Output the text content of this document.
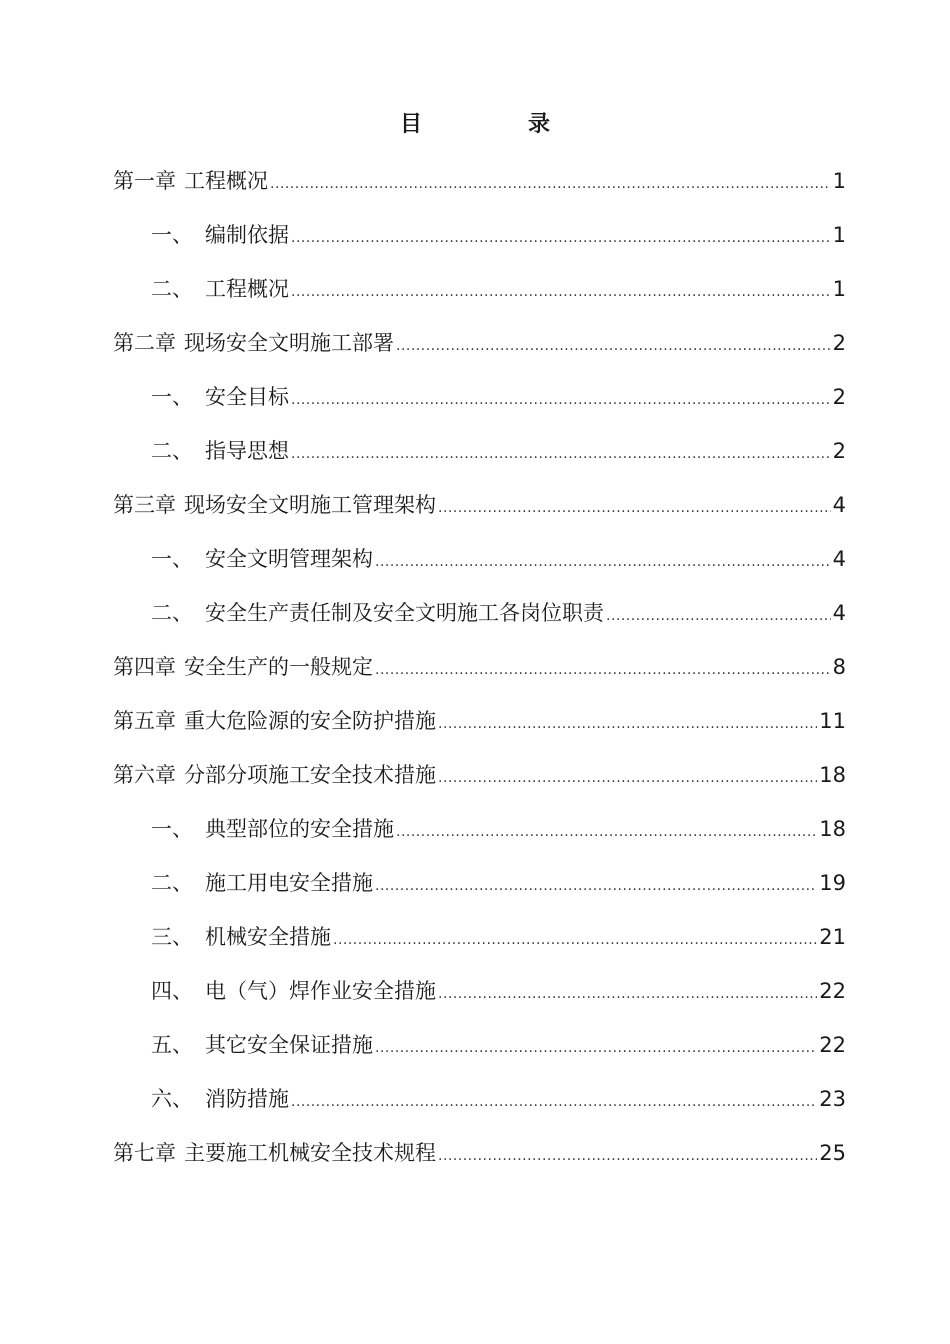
目　录
第一章 工程概况 .....	1
一、 编制依据 .....	1
二、 工程概况 .....	1
第二章 现场安全文明施工部署 .....	2
一、 安全目标 .....	2
二、 指导思想 .....	2
第三章 现场安全文明施工管理架构 .....	4
一、 安全文明管理架构 .....	4
二、 安全生产责任制及安全文明施工各岗位职责 .....	4
第四章 安全生产的一般规定 .....	8
第五章 重大危险源的安全防护措施 .....	11
第六章 分部分项施工安全技术措施 .....	18
一、 典型部位的安全措施 .....	18
二、 施工用电安全措施 .....	19
三、 机械安全措施 .....	21
四、 电（气）焊作业安全措施 .....	22
五、 其它安全保证措施 .....	22
六、 消防措施 .....	23
第七章 主要施工机械安全技术规程 .....	25
